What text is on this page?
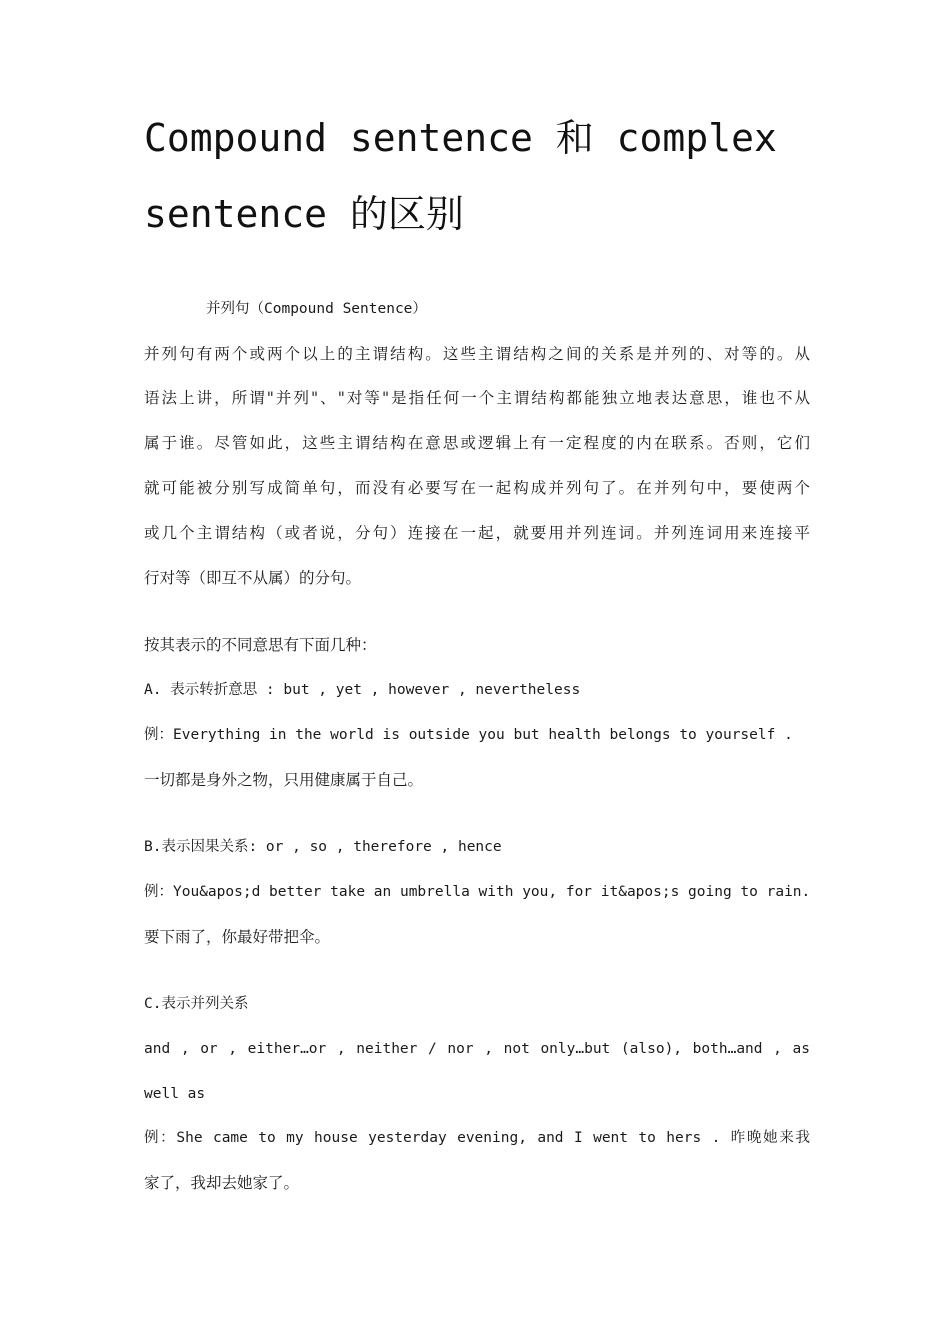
Compound sentence 和 complex sentence 的区别

并列句（Compound Sentence）

并列句有两个或两个以上的主谓结构。这些主谓结构之间的关系是并列的、对等的。从

语法上讲，所谓"并列"、"对等"是指任何一个主谓结构都能独立地表达意思，谁也不从

属于谁。尽管如此，这些主谓结构在意思或逻辑上有一定程度的内在联系。否则，它们

就可能被分别写成简单句，而没有必要写在一起构成并列句了。在并列句中，要使两个

或几个主谓结构（或者说，分句）连接在一起，就要用并列连词。并列连词用来连接平

行对等（即互不从属）的分句。

按其表示的不同意思有下面几种：

A. 表示转折意思 : but , yet , however , nevertheless

例：Everything in the world is outside you but health belongs to yourself .

一切都是身外之物，只用健康属于自己。

B.表示因果关系: or , so , therefore , hence

例：You&apos;d better take an umbrella with you, for it&apos;s going to rain.

要下雨了，你最好带把伞。

C.表示并列关系

and , or , either…or , neither / nor , not only…but (also), both…and , as

well as

例：She came to my house yesterday evening, and I went to hers . 昨晚她来我

家了，我却去她家了。
